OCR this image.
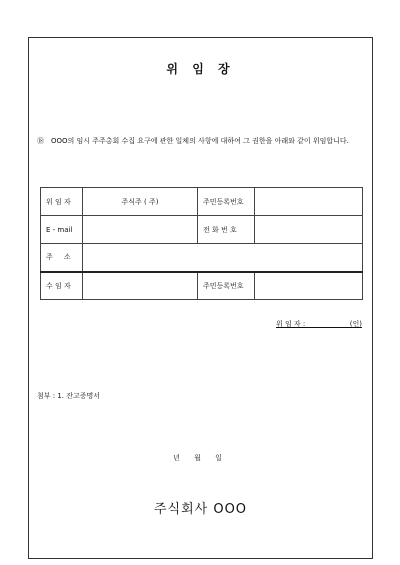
위 임 장
⑱ OOO의 임시 주주총회 수집 요구에 관한 일체의 사항에 대하여 그 권한을 아래와 같이 위임합니다.
위 임 자	주식주 ( 주)	주민등록번호	
E - mail		전 화 번 호	
주     소			
수 임 자		주민등록번호	
위 임 자 :                    (인)
첨부 : 1. 잔고증명서
년 월 일
주식회사 OOO
